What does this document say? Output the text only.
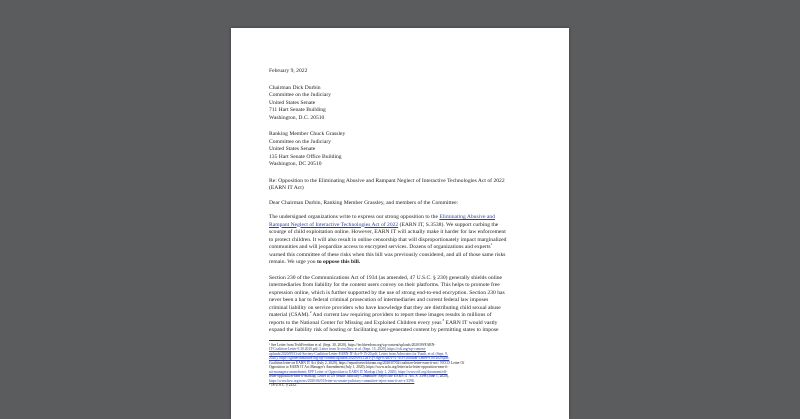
February 9, 2022

Chairman Dick Durbin
Committee on the Judiciary
United States Senate
711 Hart Senate Building
Washington, D.C. 20510

Ranking Member Chuck Grassley
Committee on the Judiciary
United States Senate
135 Hart Senate Office Building
Washington, DC 20510

Re: Opposition to the Eliminating Abusive and Rampant Neglect of Interactive Technologies Act of 2022
(EARN IT Act)

Dear Chairman Durbin, Ranking Member Grassley, and members of the Committee:

The undersigned organizations write to express our strong opposition to the Eliminating Abusive and
Rampant Neglect of Interactive Technologies Act of 2022 (EARN IT, S.3538). We support curbing the
scourge of child exploitation online. However, EARN IT will actually make it harder for law enforcement
to protect children. It will also result in online censorship that will disproportionately impact marginalized
communities and will jeopardize access to encrypted services. Dozens of organizations and experts$^1$
warned this committee of these risks when this bill was previously considered, and all of those same risks
remain. We urge you to oppose this bill.

Section 230 of the Communications Act of 1934 (as amended, 47 U.S.C. § 230) generally shields online
intermediaries from liability for the content users convey on their platforms. This helps to promote free
expression online, which is further supported by the use of strong end-to-end encryption. Section 230 has
never been a bar to federal criminal prosecution of intermediaries and current federal law imposes
criminal liability on service providers who have knowledge that they are distributing child sexual abuse
material (CSAM).$^2$ And current law requiring providers to report these images results in millions of
reports to the National Center for Missing and Exploited Children every year.$^3$ EARN IT would vastly
expand the liability risk of hosting or facilitating user-generated content by permitting states to impose

¹ See Letter from TechFreedom et al. (Sept. 30, 2020), https://techfreedom.org/wp-content/uploads/2020/09/EARN-
IT-Coalition-Letter-9.30.2020.pdf; Letter from AccessNow et al. (Sept. 15, 2020), https://cdt.org/wp-content-
uploads/2020/09/Civil-Society-Coalition-Letter-EARN-IT-Act-9-15-20.pdf; Letter from Advocates for Youth, et al. (Sept. 9,
2020), https://lgbttechinstitute.org/wp-content/uploads/2020/09/LGBTQ-Orgs-EARN-IT-Act-Coalition-Letter-9.09.2020.pdf;
Coalition letter on EARN IT Act (July 2, 2020), https://reportfortechforum.org/2020/07/02/coalition-letter-earn-it-act/; NCCO Letter Of
Opposition to EARN IT Act Manager's Amendment (July 1, 2020), https://www.aclu.org/letter/aclu-letter-opposition-earn-it-
act-managers-amendment; EFF Letter of Opposition to EARN IT Markup (July 1, 2020), https://www.eff.org/document/eff-
letter-opposition-earn-it-markup; Letter to US Senate Judiciary Committee: Reject the EARN IT Act, S. 3398 (June 1, 2020),
https://www.hrw.org/news/2020/06/01/letter-us-senate-judiciary-committee-reject-earn-it-act-s-3398.
² 18 U.S.C. § 2252.
